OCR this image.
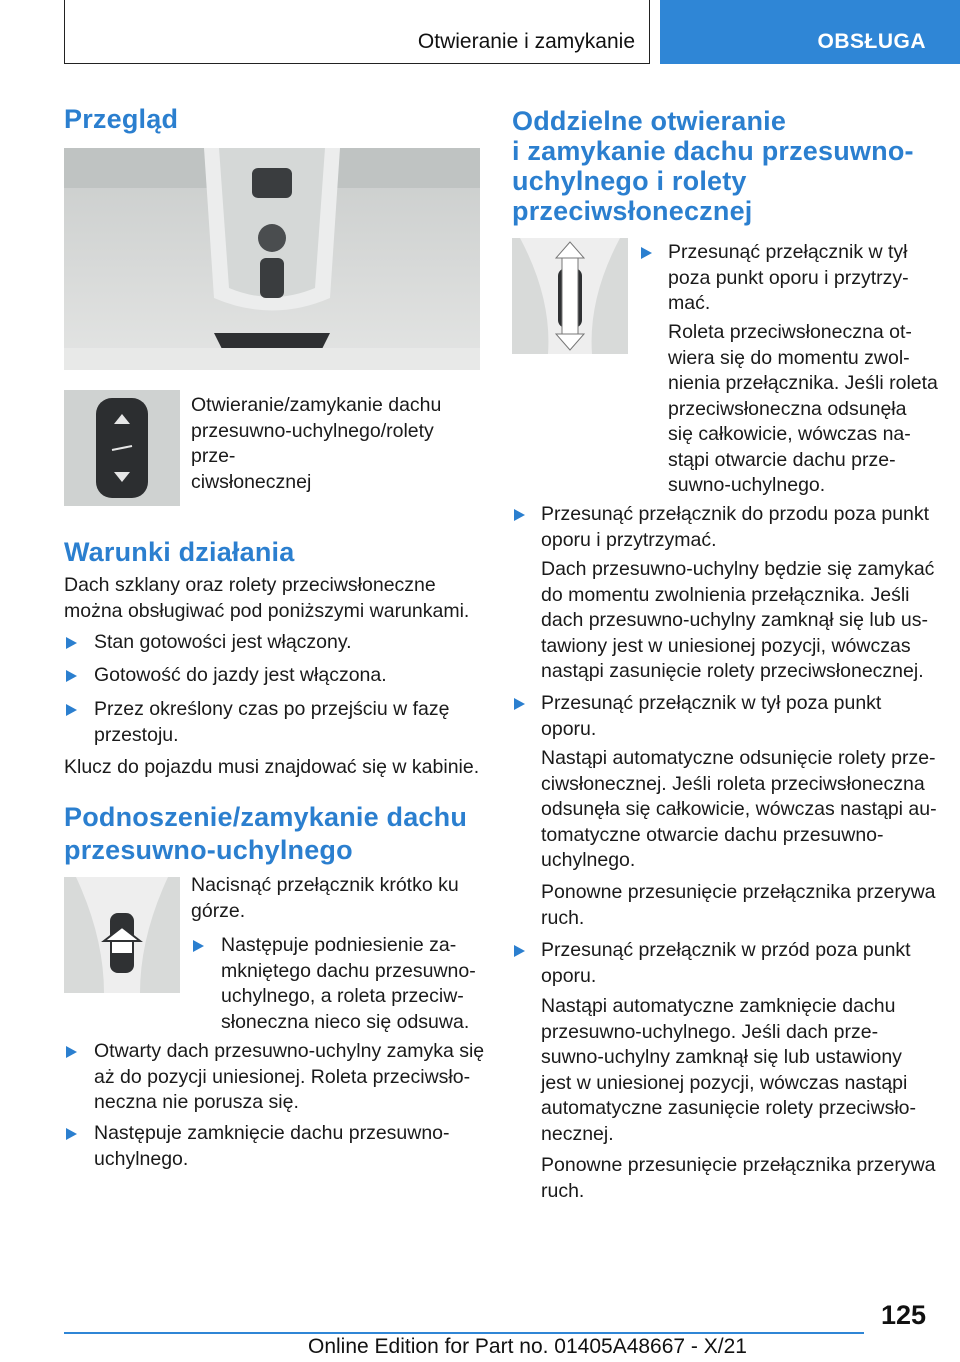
Otwieranie i zamykanie	OBSŁUGA
Przegląd
Otwieranie/zamykanie dachu
przesuwno-uchylnego/rolety prze-
ciwsłonecznej
Warunki działania
Dach szklany oraz rolety przeciwsłoneczne
można obsługiwać pod poniższymi warunkami.
Stan gotowości jest włączony.
Gotowość do jazdy jest włączona.
Przez określony czas po przejściu w fazę
przestoju.
Klucz do pojazdu musi znajdować się w kabinie.
Podnoszenie/zamykanie dachu
przesuwno-uchylnego
Nacisnąć przełącznik krótko ku
górze.
Następuje podniesienie za-
mkniętego dachu przesuwno-
uchylnego, a roleta przeciw-
słoneczna nieco się odsuwa.
Otwarty dach przesuwno-uchylny zamyka się
aż do pozycji uniesionej. Roleta przeciwsło-
neczna nie porusza się.
Następuje zamknięcie dachu przesuwno-
uchylnego.
Oddzielne otwieranie
i zamykanie dachu przesuwno-
uchylnego i rolety
przeciwsłonecznej
Przesunąć przełącznik w tył
poza punkt oporu i przytrzy-
mać.
Roleta przeciwsłoneczna ot-
wiera się do momentu zwol-
nienia przełącznika. Jeśli roleta
przeciwsłoneczna odsunęła
się całkowicie, wówczas na-
stąpi otwarcie dachu prze-
suwno-uchylnego.
Przesunąć przełącznik do przodu poza punkt
oporu i przytrzymać.
Dach przesuwno-uchylny będzie się zamykać
do momentu zwolnienia przełącznika. Jeśli
dach przesuwno-uchylny zamknął się lub us-
tawiony jest w uniesionej pozycji, wówczas
nastąpi zasunięcie rolety przeciwsłonecznej.
Przesunąć przełącznik w tył poza punkt
oporu.
Nastąpi automatyczne odsunięcie rolety prze-
ciwsłonecznej. Jeśli roleta przeciwsłoneczna
odsunęła się całkowicie, wówczas nastąpi au-
tomatyczne otwarcie dachu przesuwno-
uchylnego.
Ponowne przesunięcie przełącznika przerywa
ruch.
Przesunąć przełącznik w przód poza punkt
oporu.
Nastąpi automatyczne zamknięcie dachu
przesuwno-uchylnego. Jeśli dach prze-
suwno-uchylny zamknął się lub ustawiony
jest w uniesionej pozycji, wówczas nastąpi
automatyczne zasunięcie rolety przeciwsło-
necznej.
Ponowne przesunięcie przełącznika przerywa
ruch.
125
Online Edition for Part no. 01405A48667 - X/21
